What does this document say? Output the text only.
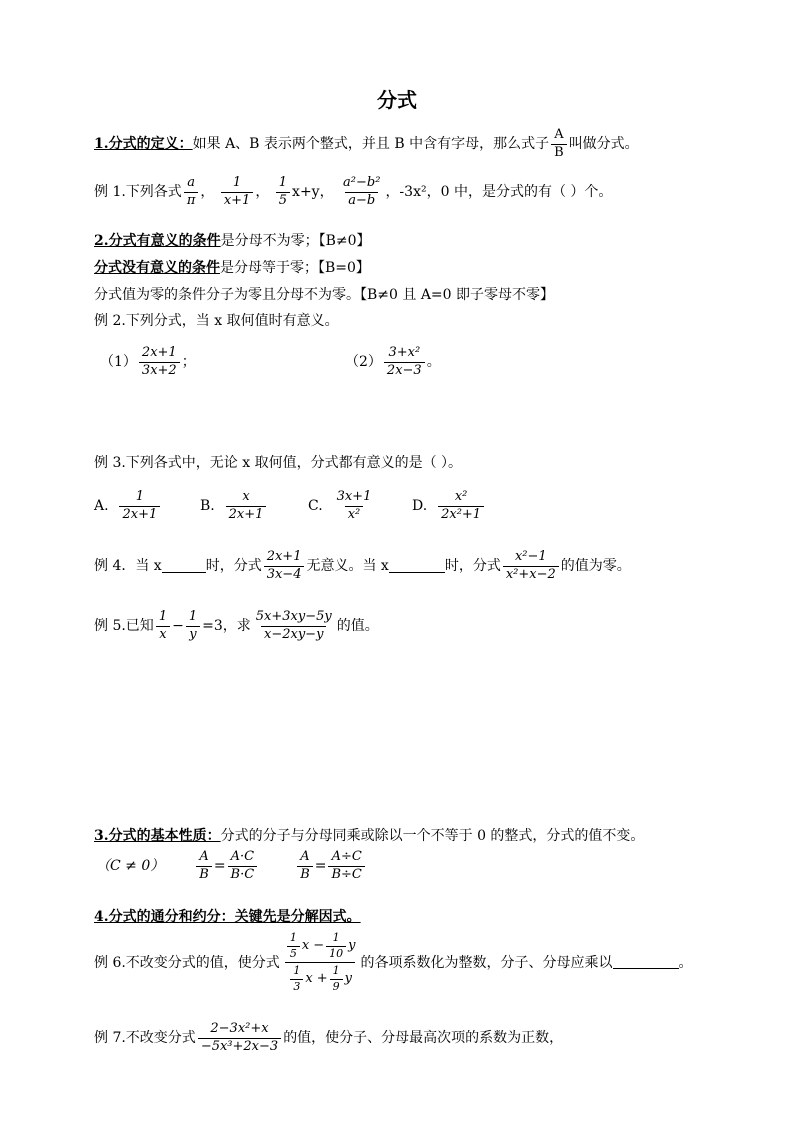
分式
1.分式的定义： 如果 A、B 表示两个整式，并且 B 中含有字母，那么式子 $\frac{A}{B}$ 叫做分式。
例 1.下列各式 $\frac{a}{\pi}$ ，
$\frac{1}{x+1}$ ，
$\frac{1}{5} x+y$，
$\frac{\text{a²−b²}}{a-b}$ ，-3x²，0 中，是分式的有（ ）个。
2.分式有意义的条件是分母不为零；【B≠0】
分式没有意义的条件是分母等于零；【B=0】
分式值为零的条件分子为零且分母不为零。【B≠0 且 A=0 即子零母不零】
例 2.下列分式，当 x 取何值时有意义。
$(1) \frac{2x+1}{3x+2}$ ；	$(2) \frac{\text{3+x²}}{2x-3}$ 。
例 3.下列各式中，无论 x 取何值，分式都有意义的是（ ）。
A.
$\frac{1}{2x+1}$	B.
$\frac{x}{2x+1}$	C.
$\frac{3x+1}{\text{x²}}$	D.
$\frac{\text{x²}}{\text{2x²+1}}$
例 4．当 x	时，分式 $\frac{2x+1}{3x-4}$ 无意义。当 x	时，分式 $\frac{\text{x²−1}}{\text{x²+x−2}}$ 的值为零。
例 5.已知 $\frac{1}{x} - \frac{1}{y} =3$，求 $\frac{5x+3xy-5y}{x-2xy-y}$ 的值。
3.分式的基本性质：分式的分子与分母同乘或除以一个不等于 0 的整式，分式的值不变。
$(C \ne 0) \frac{A}{B} = \frac{A\cdot C}{B\cdot C}$	$\frac{A}{B} = \frac{A\div C}{B\div C}$
4.分式的通分和约分：关键先是分解因式。
例 6.不改变分式的值，使分式 $\frac{\frac{1}{5} x - \frac{1}{10} y}{\frac{1}{3} x + \frac{1}{9} y}$ 的各项系数化为整数，分子、分母应乘以	。
例 7.不改变分式 $\frac{\text{2−3x²+x}}{\text{−5x³+2x−3}}$ 的值，使分子、分母最高次项的系数为正数，
